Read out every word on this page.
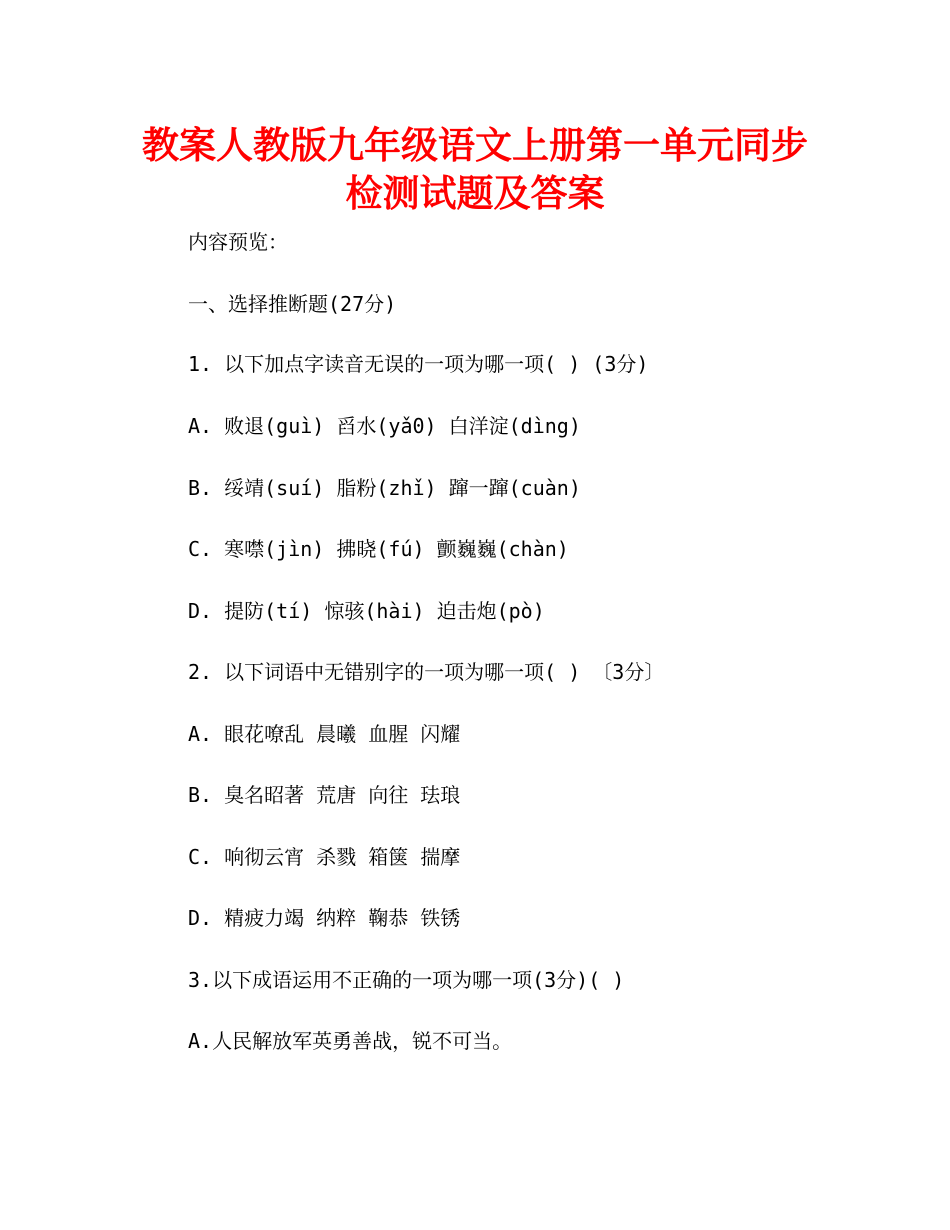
教案人教版九年级语文上册第一单元同步
检测试题及答案
内容预览：
一、选择推断题(27分)
1. 以下加点字读音无误的一项为哪一项( ) (3分)
A. 败退(guì) 舀水(yǎ0) 白洋淀(dìng)
B. 绥靖(suí) 脂粉(zhǐ) 蹿一蹿(cuàn)
C. 寒噤(jìn) 拂晓(fú) 颤巍巍(chàn)
D. 提防(tí) 惊骇(hài) 迫击炮(pò)
2. 以下词语中无错别字的一项为哪一项( ) 〔3分〕
A. 眼花嘹乱 晨曦 血腥 闪耀
B. 臭名昭著 荒唐 向往 珐琅
C. 响彻云宵 杀戮 箱箧 揣摩
D. 精疲力竭 纳粹 鞠恭 铁锈
3.以下成语运用不正确的一项为哪一项(3分)( )
A.人民解放军英勇善战，锐不可当。
